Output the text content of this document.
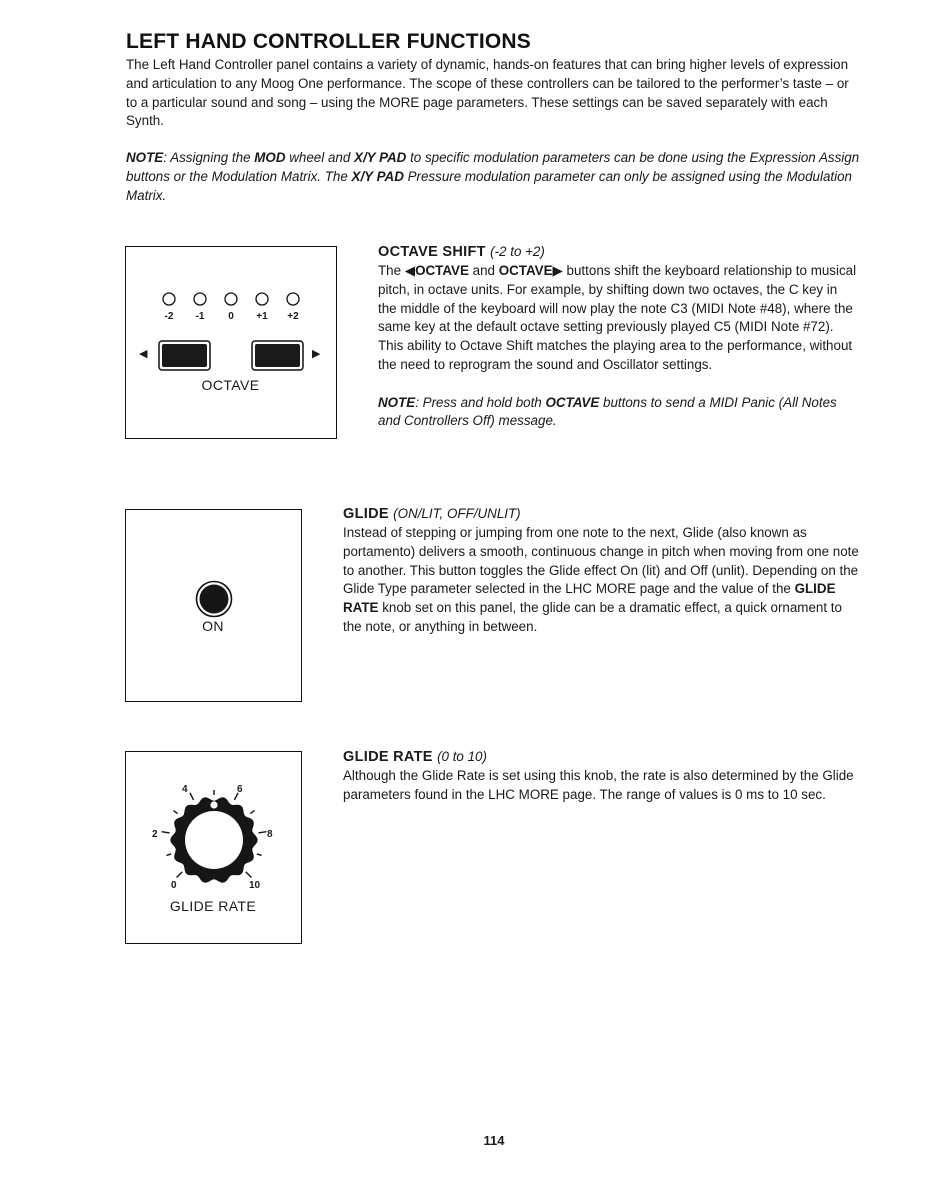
LEFT HAND CONTROLLER FUNCTIONS

The Left Hand Controller panel contains a variety of dynamic, hands-on features that can bring higher levels of expression and articulation to any Moog One performance. The scope of these controllers can be tailored to the performer’s taste – or to a particular sound and song – using the MORE page parameters. These settings can be saved separately with each Synth.

NOTE: Assigning the MOD wheel and X/Y PAD to specific modulation parameters can be done using the Expression Assign buttons or the Modulation Matrix. The X/Y PAD Pressure modulation parameter can only be assigned using the Modulation Matrix.

-2	-1	0	+1	+2
◀	▶
OCTAVE
OCTAVE SHIFT (-2 to +2)

The ◀OCTAVE and OCTAVE▶ buttons shift the keyboard relationship to musical pitch, in octave units. For example, by shifting down two octaves, the C key in the middle of the keyboard will now play the note C3 (MIDI Note #48), where the same key at the default octave setting previously played C5 (MIDI Note #72). This ability to Octave Shift matches the playing area to the performance, without the need to reprogram the sound and Oscillator settings.

NOTE: Press and hold both OCTAVE buttons to send a MIDI Panic (All Notes and Controllers Off) message.

ON
GLIDE (ON/LIT, OFF/UNLIT)

Instead of stepping or jumping from one note to the next, Glide (also known as portamento) delivers a smooth, continuous change in pitch when moving from one note to another. This button toggles the Glide effect On (lit) and Off (unlit). Depending on the Glide Type parameter selected in the LHC MORE page and the value of the GLIDE RATE knob set on this panel, the glide can be a dramatic effect, a quick ornament to the note, or anything in between.

0
2
4	6
8
10
GLIDE RATE
GLIDE RATE (0 to 10)

Although the Glide Rate is set using this knob, the rate is also determined by the Glide parameters found in the LHC MORE page. The range of values is 0 ms to 10 sec.

114
